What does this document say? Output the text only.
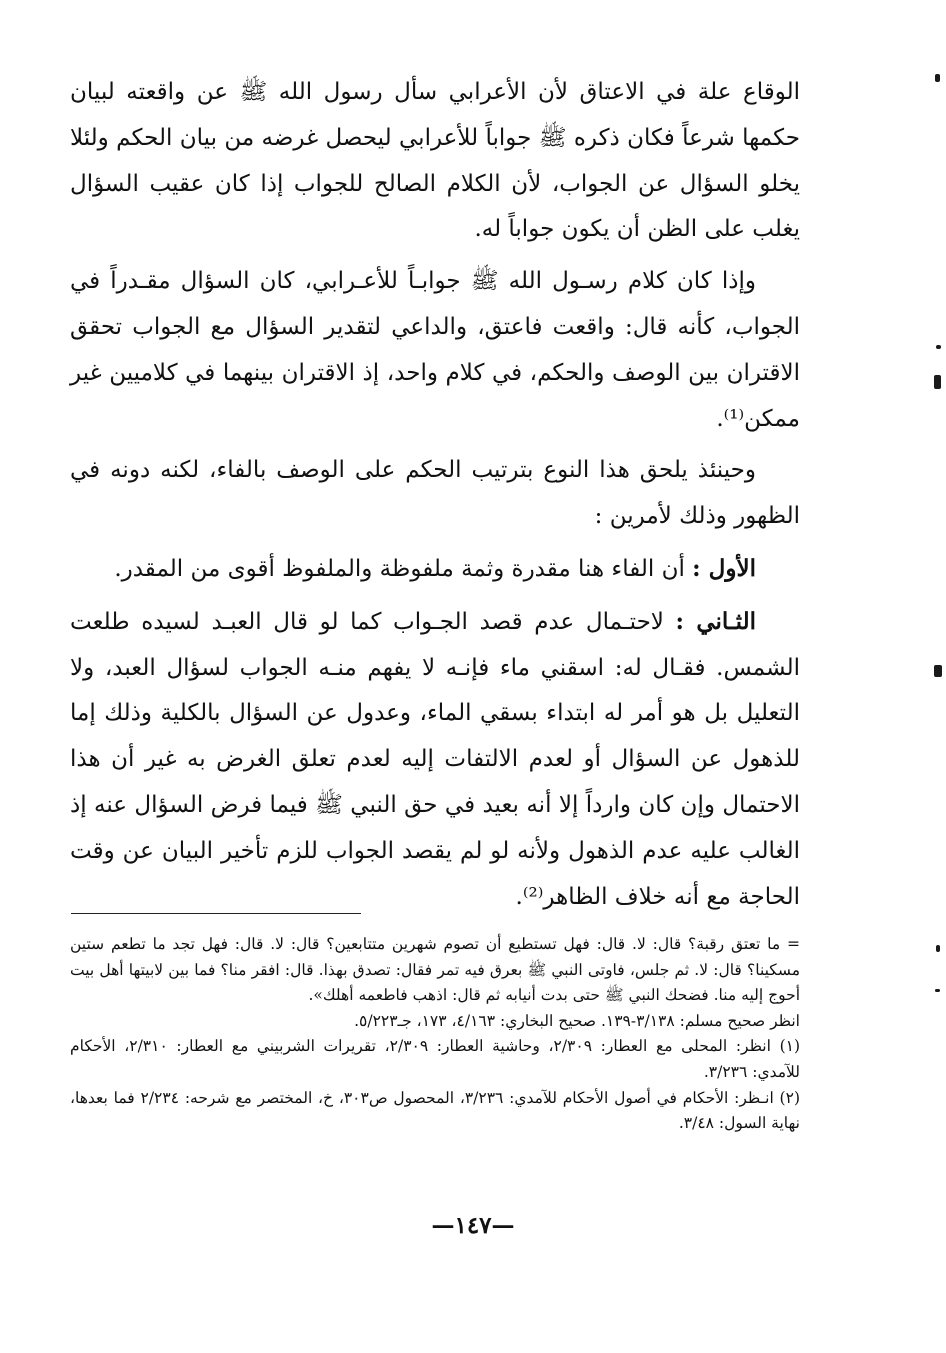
الوقاع علة في الاعتاق لأن الأعرابي سأل رسول الله ﷺ عن واقعته لبيان حكمها شرعاً فكان ذكره ﷺ جواباً للأعرابي ليحصل غرضه من بيان الحكم ولئلا يخلو السؤال عن الجواب، لأن الكلام الصالح للجواب إذا كان عقيب السؤال يغلب على الظن أن يكون جواباً له.

وإذا كان كلام رسـول الله ﷺ جوابـاً للأعـرابي، كان السؤال مقـدراً في الجواب، كأنه قال: واقعت فاعتق، والداعي لتقدير السؤال مع الجواب تحقق الاقتران بين الوصف والحكم، في كلام واحد، إذ الاقتران بينهما في كلاميين غير ممكن⁽¹⁾.

وحينئذ يلحق هذا النوع بترتيب الحكم على الوصف بالفاء، لكنه دونه في الظهور وذلك لأمرين :

الأول : أن الفاء هنا مقدرة وثمة ملفوظة والملفوظ أقوى من المقدر.

الثـاني : لاحتـمال عدم قصد الجـواب كما لو قال العبـد لسيده طلعت الشمس. فقـال له: اسقني ماء فإنـه لا يفهم منـه الجواب لسؤال العبد، ولا التعليل بل هو أمر له ابتداء بسقي الماء، وعدول عن السؤال بالكلية وذلك إما للذهول عن السؤال أو لعدم الالتفات إليه لعدم تعلق الغرض به غير أن هذا الاحتمال وإن كان وارداً إلا أنه بعيد في حق النبي ﷺ فيما فرض السؤال عنه إذ الغالب عليه عدم الذهول ولأنه لو لم يقصد الجواب للزم تأخير البيان عن وقت الحاجة مع أنه خلاف الظاهر⁽²⁾.

= ما تعتق رقبة؟ قال: لا. قال: فهل تستطيع أن تصوم شهرين متتابعين؟ قال: لا. قال: فهل تجد ما تطعم ستين مسكينا؟ قال: لا. ثم جلس، فاوتى النبي ﷺ بعرق فيه تمر فقال: تصدق بهذا. قال: افقر منا؟ فما بين لابيتها أهل بيت أحوج إليه منا. فضحك النبي ﷺ حتى بدت أنيابه ثم قال: اذهب فاطعمه أهلك».

انظر صحيح مسلم: ٣/١٣٨-١٣٩. صحيح البخاري: ٤/١٦٣، ١٧٣، جـ٥/٢٢٣.

(١) انظر: المحلى مع العطار: ٢/٣٠٩، وحاشية العطار: ٢/٣٠٩، تقريرات الشربيني مع العطار: ٢/٣١٠، الأحكام للآمدي: ٣/٢٣٦.

(٢) انـظر: الأحكام في أصول الأحكام للآمدي: ٣/٢٣٦، المحصول ص٣٠٣، خ، المختصر مع شرحه: ٢/٢٣٤ فما بعدها، نهاية السول: ٣/٤٨.

—١٤٧—
